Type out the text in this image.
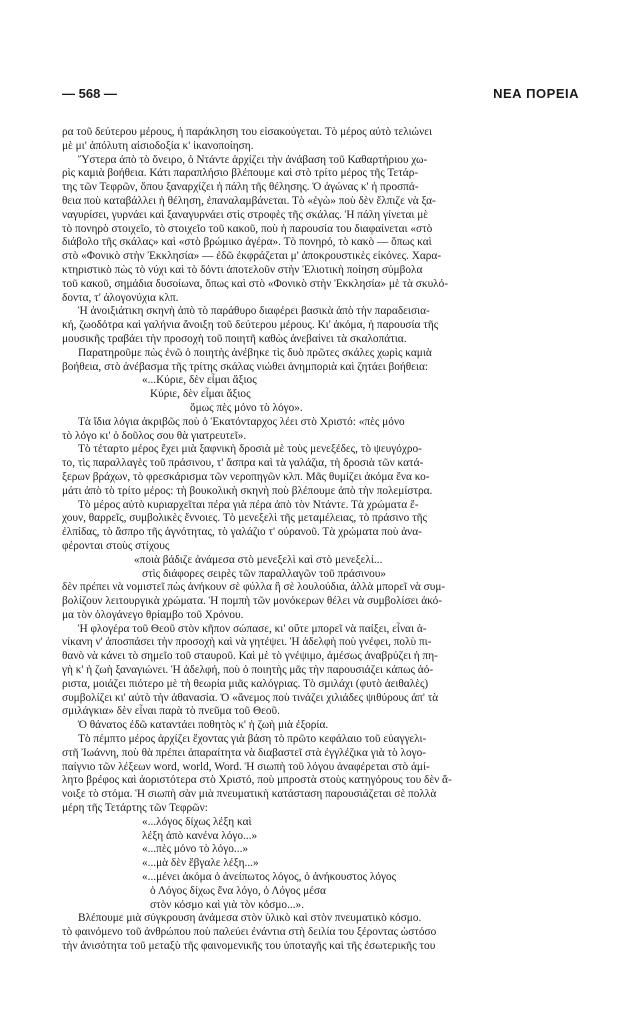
— 568 —	ΝΕΑ ΠΟΡΕΙΑ
ρα τοῦ δεύτερου μέρους, ἡ παράκληση του εἰσακούγεται. Τὸ μέρος αὐτὸ τελιώνει
μὲ μι' ἀπόλυτη αἰσιοδοξία κ' ἱκανοποίηση.
Ὕστερα ἀπὸ τὸ ὄνειρο, ὁ Ντάντε ἀρχίζει τὴν ἀνάβαση τοῦ Καθαρτήριου χω-
ρὶς καμιὰ βοήθεια. Κάτι παραπλήσιο βλέπουμε καὶ στὸ τρίτο μέρος τῆς Τετάρ-
της τῶν Τεφρῶν, ὅπου ξαναρχίζει ἡ πάλη τῆς θέλησης. Ὁ ἀγώνας κ' ἡ προσπά-
θεια ποὺ καταβάλλει ἡ θέληση, ἐπαναλαμβάνεται. Τὸ «ἐγὼ» ποὺ δὲν ἔλπιζε νὰ ξα-
ναγυρίσει, γυρνάει καὶ ξαναγυρνάει στὶς στροφὲς τῆς σκάλας. Ἡ πάλη γίνεται μὲ
τὸ πονηρὸ στοιχεῖο, τὸ στοιχεῖο τοῦ κακοῦ, ποὺ ἡ παρουσία του διαφαίνεται «στὸ
διάβολο τῆς σκάλας» καὶ «στὸ βρώμικο ἀγέρα». Τὸ πονηρό, τὸ κακὸ — ὅπως καὶ
στὸ «Φονικὸ στὴν Ἐκκλησία» — ἐδῶ ἐκφράζεται μ' ἀποκρουστικὲς εἰκόνες. Χαρα-
κτηριστικὸ πὼς τὸ νύχι καὶ τὸ δόντι ἀποτελοῦν στὴν Ἐλιοτικὴ ποίηση σύμβολα
τοῦ κακοῦ, σημάδια δυσοίωνα, ὅπως καὶ στὸ «Φονικὸ στὴν Ἐκκλησία» μὲ τὰ σκυλό-
δοντα, τ' ἀλογονύχια κλπ.
Ἡ ἀνοιξιάτικη σκηνὴ ἀπὸ τὸ παράθυρο διαφέρει βασικὰ ἀπὸ τὴν παραδεισια-
κή, ζωοδότρα καὶ γαλήνια ἄνοιξη τοῦ δεύτερου μέρους. Κι' ἀκόμα, ἡ παρουσία τῆς
μουσικῆς τραβάει τὴν προσοχὴ τοῦ ποιητῆ καθὼς ἀνεβαίνει τὰ σκαλοπάτια.
Παρατηροῦμε πὼς ἐνῶ ὁ ποιητὴς ἀνέβηκε τὶς δυὸ πρῶτες σκάλες χωρὶς καμιὰ
βοήθεια, στὸ ἀνέβασμα τῆς τρίτης σκάλας νιώθει ἀνημποριὰ καὶ ζητάει βοήθεια:
«...Κύριε, δὲν εἶμαι ἄξιος
Κύριε, δὲν εἶμαι ἄξιος
ὅμως πὲς μόνο τὸ λόγο».
Τὰ ἴδια λόγια ἀκριβῶς ποὺ ὁ Ἑκατόνταρχος λέει στὸ Χριστό: «πὲς μόνο
τὸ λόγο κι' ὁ δοῦλος σου θὰ γιατρευτεῖ».
Τὸ τέταρτο μέρος ἔχει μιὰ ξαφνικὴ δροσιὰ μὲ τοὺς μενεξέδες, τὸ ψευγόχρο-
το, τὶς παραλλαγὲς τοῦ πράσινου, τ' ἄσπρα καὶ τὰ γαλάζια, τὴ δροσιὰ τῶν κατά-
ξερων βράχων, τὸ φρεσκάρισμα τῶν νεροπηγῶν κλπ. Μᾶς θυμίζει ἀκόμα ἕνα κο-
μάτι ἀπὸ τὸ τρίτο μέρος: τὴ βουκολικὴ σκηνὴ ποὺ βλέπουμε ἀπὸ τὴν πολεμίστρα.
Τὸ μέρος αὐτὸ κυριαρχεῖται πέρα γιὰ πέρα ἀπὸ τὸν Ντάντε. Τὰ χρώματα ἔ-
χουν, θαρρεῖς, συμβολικὲς ἔννοιες. Τὸ μενεξελὶ τῆς μεταμέλειας, τὸ πράσινο τῆς
ἐλπίδας, τὸ ἄσπρο τῆς ἁγνότητας, τὸ γαλάζιο τ' οὐρανοῦ. Τὰ χρώματα ποὺ ἀνα-
φέρονται στοὺς στίχους
«ποιὰ βάδιζε ἀνάμεσα στὸ μενεξελὶ καὶ στὸ μενεξελί...
στὶς διάφορες σειρὲς τῶν παραλλαγῶν τοῦ πράσινου»
δὲν πρέπει νὰ νομιστεῖ πὼς ἀνήκουν σὲ φύλλα ἢ σὲ λουλούδια, ἀλλὰ μπορεῖ νὰ συμ-
βολίζουν λειτουργικὰ χρώματα. Ἡ πομπὴ τῶν μονόκερων θέλει νὰ συμβολίσει ἀκό-
μα τὸν ὁλογάνεγο θρίαμβο τοῦ Χρόνου.
Ἡ φλογέρα τοῦ Θεοῦ στὸν κῆπον σώπασε, κι' οὔτε μπορεῖ νὰ παίξει, εἶναι ἀ-
νίκανη ν' ἀποσπάσει τὴν προσοχὴ καὶ νὰ γητέψει. Ἡ ἀδελφὴ ποὺ γνέφει, πολὺ πι-
θανὸ νὰ κάνει τὸ σημεῖο τοῦ σταυροῦ. Καὶ μὲ τὸ γνέψιμο, ἀμέσως ἀναβρύζει ἡ πη-
γὴ κ' ἡ ζωὴ ξαναγιώνει. Ἡ ἀδελφή, ποὺ ὁ ποιητὴς μᾶς τὴν παρουσιάζει κάπως ἀό-
ριστα, μοιάζει πιότερο μὲ τὴ θεωρία μιᾶς καλόγριας. Τὸ σμιλάχι (φυτὸ ἀειθαλὲς)
συμβολίζει κι' αὐτὸ τὴν ἀθανασία. Ὁ «ἄνεμος ποὺ τινάζει χιλιάδες ψιθύρους ἀπ' τὰ
σμιλάγκια» δὲν εἶναι παρὰ τὸ πνεῦμα τοῦ Θεοῦ.
Ὁ θάνατος ἐδῶ καταντάει ποθητὸς κ' ἡ ζωὴ μιὰ ἐξορία.
Τὸ πέμπτο μέρος ἀρχίζει ἔχοντας γιὰ βάση τὸ πρῶτο κεφάλαιο τοῦ εὐαγγελι-
στῆ Ἰωάννη, ποὺ θὰ πρέπει ἀπαραίτητα νὰ διαβαστεῖ στὰ ἐγγλέζικα γιὰ τὸ λογο-
παίγνιο τῶν λέξεων word, world, Word. Ἡ σιωπὴ τοῦ λόγου ἀναφέρεται στὸ ἀμί-
λητο βρέφος καὶ ἀοριστότερα στὸ Χριστό, ποὺ μπροστὰ στοὺς κατηγόρους του δὲν ἄ-
νοιξε τὸ στόμα. Ἡ σιωπὴ σὰν μιὰ πνευματικὴ κατάσταση παρουσιάζεται σὲ πολλὰ
μέρη τῆς Τετάρτης τῶν Τεφρῶν:
«...λόγος δίχως λέξη καὶ
λέξη ἀπὸ κανένα λόγο...»
«...πὲς μόνο τὸ λόγο...»
«...μὰ δὲν ἔβγαλε λέξη...»
«...μένει ἀκόμα ὁ ἀνείπωτος λόγος, ὁ ἀνήκουστος λόγος
ὁ Λόγος δίχως ἕνα λόγο, ὁ Λόγος μέσα
στὸν κόσμο καὶ γιὰ τὸν κόσμο...».
Βλέπουμε μιὰ σύγκρουση ἀνάμεσα στὸν ὑλικὸ καὶ στὸν πνευματικὸ κόσμο.
τὸ φαινόμενο τοῦ ἀνθρώπου ποὺ παλεύει ἐνάντια στὴ δειλία του ξέροντας ὡστόσο
τὴν ἀνισότητα τοῦ μεταξὺ τῆς φαινομενικῆς του ὑποταγῆς καὶ τῆς ἐσωτερικῆς του
